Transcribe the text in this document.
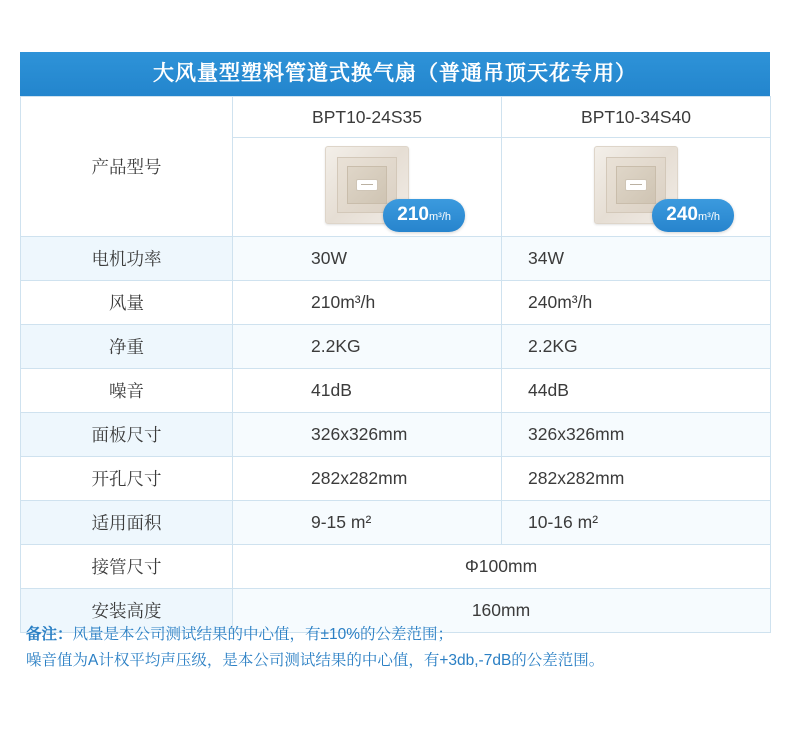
大风量型塑料管道式换气扇（普通吊顶天花专用）
产品型号	BPT10-24S35	BPT10-34S40

	210m³/h	240m³/h

电机功率	30W	34W
风量	210m³/h	240m³/h
净重	2.2KG	2.2KG
噪音	41dB	44dB
面板尺寸	326x326mm	326x326mm
开孔尺寸	282x282mm	282x282mm
适用面积	9-15 m²	10-16 m²
接管尺寸	Φ100mm	
安装高度	160mm	
备注：风量是本公司测试结果的中心值，有±10%的公差范围；
噪音值为A计权平均声压级，是本公司测试结果的中心值，有+3db,-7dB的公差范围。
